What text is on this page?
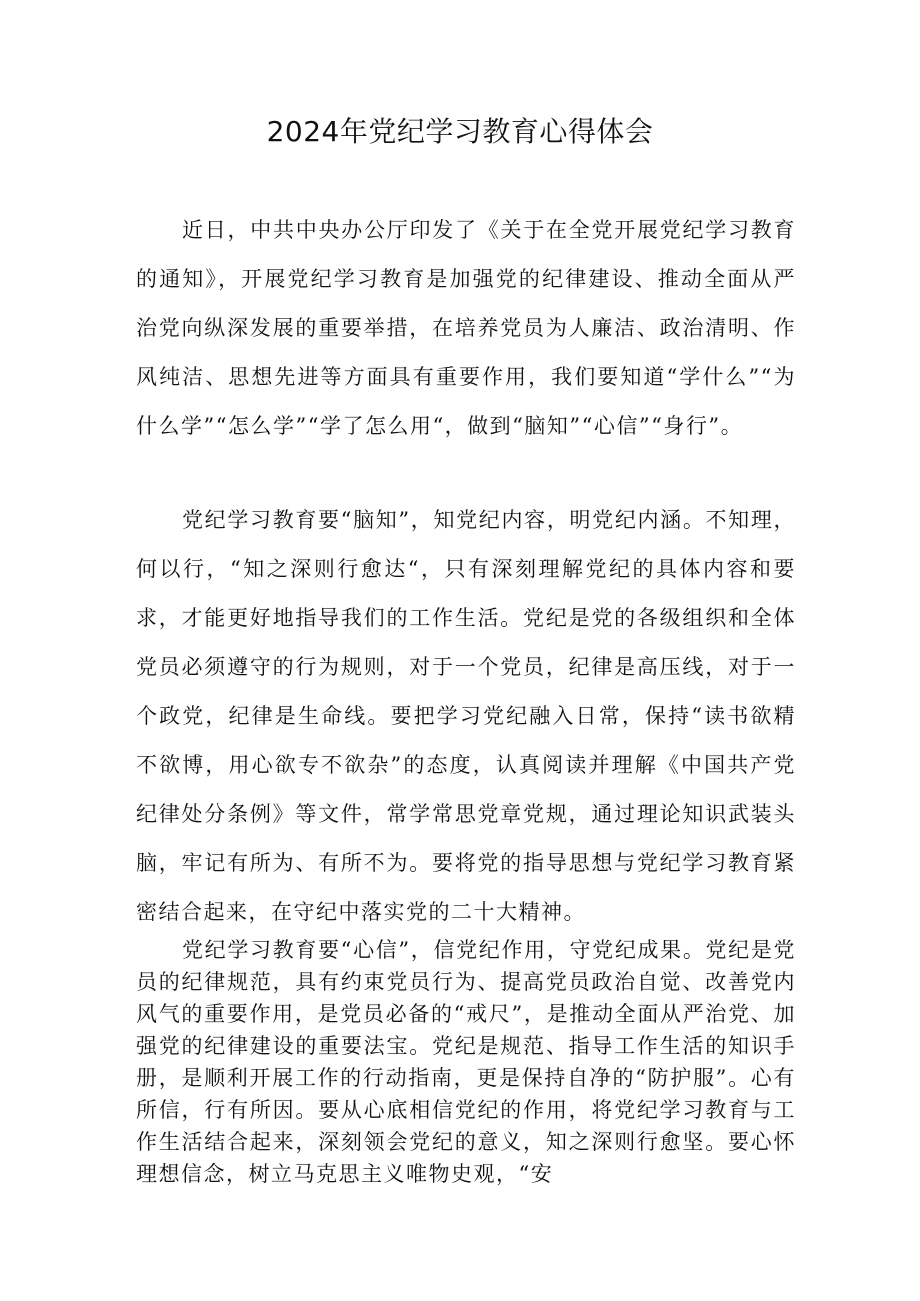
2024年党纪学习教育心得体会

近日，中共中央办公厅印发了《关于在全党开展党纪学习教育的通知》，开展党纪学习教育是加强党的纪律建设、推动全面从严治党向纵深发展的重要举措，在培养党员为人廉洁、政治清明、作风纯洁、思想先进等方面具有重要作用，我们要知道“学什么”“为什么学”“怎么学”“学了怎么用“，做到“脑知”“心信”“身行”。

党纪学习教育要“脑知”，知党纪内容，明党纪内涵。不知理，何以行，“知之深则行愈达“，只有深刻理解党纪的具体内容和要求，才能更好地指导我们的工作生活。党纪是党的各级组织和全体党员必须遵守的行为规则，对于一个党员，纪律是高压线，对于一个政党，纪律是生命线。要把学习党纪融入日常，保持“读书欲精不欲博，用心欲专不欲杂”的态度，认真阅读并理解《中国共产党纪律处分条例》等文件，常学常思党章党规，通过理论知识武装头脑，牢记有所为、有所不为。要将党的指导思想与党纪学习教育紧密结合起来，在守纪中落实党的二十大精神。

党纪学习教育要“心信”，信党纪作用，守党纪成果。党纪是党员的纪律规范，具有约束党员行为、提高党员政治自觉、改善党内风气的重要作用，是党员必备的“戒尺”，是推动全面从严治党、加强党的纪律建设的重要法宝。党纪是规范、指导工作生活的知识手册，是顺利开展工作的行动指南，更是保持自净的“防护服”。心有所信，行有所因。要从心底相信党纪的作用，将党纪学习教育与工作生活结合起来，深刻领会党纪的意义，知之深则行愈坚。要心怀理想信念，树立马克思主义唯物史观，“安
